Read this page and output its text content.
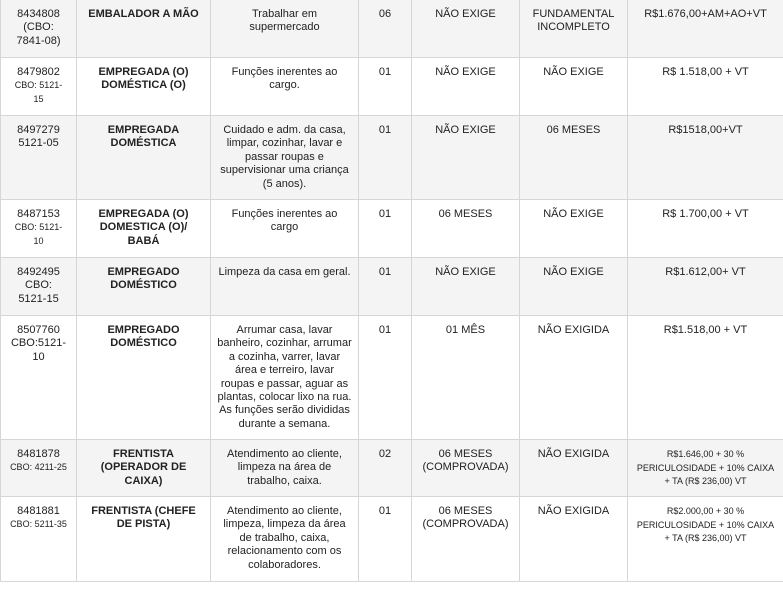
8434808
(CBO:
7841-08)	EMBALADOR A MÃO	Trabalhar em supermercado	06	NÃO EXIGE	FUNDAMENTAL INCOMPLETO	R$1.676,00+AM+AO+VT

8479802
CBO: 5121-
15	EMPREGADA (O) DOMÉSTICA (O)	Funções inerentes ao cargo.	01	NÃO EXIGE	NÃO EXIGE	R$ 1.518,00 + VT

8497279
5121-05	EMPREGADA DOMÉSTICA	Cuidado e adm. da casa, limpar, cozinhar, lavar e passar roupas e supervisionar uma criança (5 anos).	01	NÃO EXIGE	06 MESES	R$1518,00+VT

8487153
CBO: 5121-
10	EMPREGADA (O) DOMESTICA (O)/ BABÁ	Funções inerentes ao cargo	01	06 MESES	NÃO EXIGE	R$ 1.700,00 + VT

8492495
CBO:
5121-15	EMPREGADO DOMÉSTICO	Limpeza da casa em geral.	01	NÃO EXIGE	NÃO EXIGE	R$1.612,00+ VT

8507760
CBO:5121-
10	EMPREGADO DOMÉSTICO	Arrumar casa, lavar banheiro, cozinhar, arrumar a cozinha, varrer, lavar área e terreiro, lavar roupas e passar, aguar as plantas, colocar lixo na rua. As funções serão divididas durante a semana.	01	01 MÊS	NÃO EXIGIDA	R$1.518,00 + VT

8481878
CBO: 4211-25	FRENTISTA (OPERADOR DE CAIXA)	Atendimento ao cliente, limpeza na área de trabalho, caixa.	02	06 MESES (COMPROVADA)	NÃO EXIGIDA	R$1.646,00 + 30 % PERICULOSIDADE + 10% CAIXA + TA (R$ 236,00) VT

8481881
CBO: 5211-35	FRENTISTA (CHEFE DE PISTA)	Atendimento ao cliente, limpeza, limpeza da área de trabalho, caixa, relacionamento com os colaboradores.	01	06 MESES (COMPROVADA)	NÃO EXIGIDA	R$2.000,00 + 30 % PERICULOSIDADE + 10% CAIXA + TA (R$ 236,00) VT
